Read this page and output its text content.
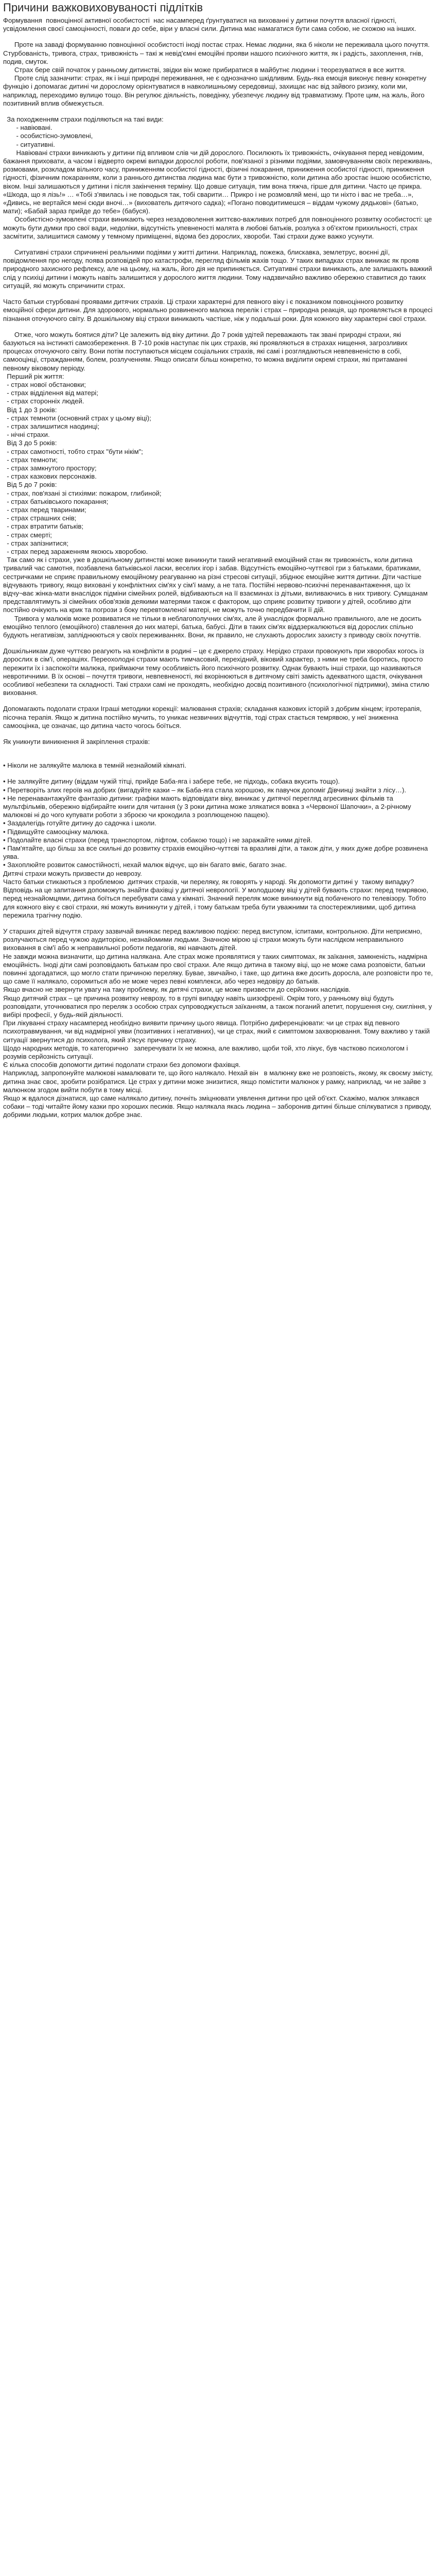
Причини важковиховуваності підлітків

Формування  повноцінної активної особистості  нас насамперед ґрунтуватися на вихованні у дитини почуття власної гідності, усвідомлення своєї самоцінності, поваги до себе, віри у власні сили. Дитина має намагатися бути сама собою, не схожою на інших.

Проте на заваді формуванню повноцінної особистості іноді постає страх. Немає людини, яка б ніколи не переживала цього почуття. Стурбованість, тривога, страх, тривожність – такі ж невід'ємні емоційні прояви нашого психічного життя, як і радість, захоплення, гнів, подив, смуток.

Страх бере свій початок у ранньому дитинстві, звідки він може прибиратися в майбутнє людини і теорезуватися в все життя.

Проте слід зазначити: страх, як і інші природні переживання, не є однозначно шкідливим. Будь-яка емоція виконує певну конкретну функцію і допомагає дитині чи дорослому орієнтуватися в навколишньому середовищі, захищає нас від зайвого ризику, коли ми, наприклад, переходимо вулицю тощо. Він регулює діяльність, поведінку, убезпечує людину від травматизму. Проте цим, на жаль, його позитивний вплив обмежується.

За походженням страхи поділяються на такі види:

- навіювані.

- особистісно-зумовлені,

- ситуативні.

Навіювані страхи виникають у дитини під впливом слів чи дій дорослого. Посилюють їх тривожність, очікування перед невідомим, бажання приховати, а часом і відверто окремі випадки дорослої роботи, пов'язаної з різними подіями, замовчуванням своїх переживань, розмовами, розкладом вільного часу, приниженням особистої гідності, фізичні покарання, приниження особистої гідності, приниження гідності, фізичним покаранням, коли з раннього дитинства людина має бути з тривожністю, коли дитина або зростає іншою особистістю, віком. Інші залишаються у дитини і після закінчення терміну. Що довше ситуація, тим вона тяжча, гірше для дитини. Часто це прикра. «Шкода, що я лізь!» … «Тобі з'явилась і не поводься так, тобі сварити… Прикро і не розмовляй мені, що ти ніхто і вас не треба…», «Дивись, не вертайся мені сюди вночі…» (вихователь дитячого садка); «Погано поводитимешся – віддам чужому дядькові» (батько, мати); «Бабай зараз прийде до тебе» (бабуся).

Особистісно-зумовлені страхи виникають через незадоволення життєво-важливих потреб для повноцінного розвитку особистості: це можуть бути думки про свої вади, недоліки, відсутність упевненості малята в любові батьків, розлука з об'єктом прихильності, страх засмітити, залишитися самому у темному приміщенні, відома без дорослих, хвороби. Такі страхи дуже важко усунути.

Ситуативні страхи спричинені реальними подіями у житті дитини. Наприклад, пожежа, блискавка, землетрус, воєнні дії, повідомлення про негоду, поява розповідей про катастрофи, перегляд фільмів жахів тощо. У таких випадках страх виникає як прояв природного захисного рефлексу, але на цьому, на жаль, його дія не припиняється. Ситуативні страхи виникають, але залишають важкий слід у психіці дитини і можуть навіть залишитися у дорослого життя людини. Тому надзвичайно важливо обережно ставитися до таких ситуацій, які можуть спричинити страх.

Часто батьки стурбовані проявами дитячих страхів. Ці страхи характерні для певного віку і є показником повноцінного розвитку емоційної сфери дитини. Для здорового, нормально розвиненого малюка перелік і страх – природна реакція, що проявляється в процесі пізнання оточуючого світу. В дошкільному віці страхи виникають частіше, ніж у подальші роки. Для кожного віку характерні свої страхи.

Отже, чого можуть боятися діти? Це залежить від віку дитини. До 7 років удітей переважають так звані природні страхи, які базуються на інстинкті самозбереження. В 7-10 років наступає пік цих страхів, які проявляються в страхах нищення, загрозливих процесах оточуючого світу. Вони потім поступаються місцем соціальних страхів, які самі і розглядаються невпевненістю в собі, самооцінці, стражданням, болем, розлученням. Якщо описати більш конкретно, то можна виділити окремі страхи, які притаманні певному віковому періоду.

Перший рік життя:

- страх нової обстановки;

- страх відділення від матері;

- страх сторонніх людей.

Від 1 до 3 років:

- страх темноти (основний страх у цьому віці);

- страх залишитися наодинці;

- нічні страхи.

Від 3 до 5 років:

- страх самотності, тобто страх "бути нікім";

- страх темноти;

- страх замкнутого простору;

- страх казкових персонажів.

Від 5 до 7 років:

- страх, пов'язані зі стихіями: пожаром, глибиной;

- страх батьківського покарання;

- страх перед тваринами;

- страх страшних снів;

- страх втратити батьків;

- страх смерті;

- страх запізнитися;

- страх перед зараженням якоюсь хворобою.

Так само як і страхи, уже в дошкільному дитинстві може виникнути такий негативний емоційний стан як тривожність, коли дитина тривалий час самотня, позбавлена батьківської ласки, веселих ігор і забав. Відсутність емоційно-чуттєвої гри з батьками, братиками, сестричками не сприяє правильному емоційному реагуванню на різні стресові ситуації, збіднює емоційне життя дитини. Діти частіше відчувають тривогу, якщо виховані у конфліктних сім'ях у сім'ї маму, а не тата. Постійні нервово-психічні перенавантаження, що їх відчу¬ває жінка-мати внаслідок підміни сімейних ролей, відбиваються на її взаєминах із дітьми, виливаючись в них тривогу. Сумщанам представлятимуть зі сімейних обов'язків деякими матерями також є фактором, що сприяє розвитку тривоги у дітей, особливо діти постійно очікують на крик та погрози з боку перевтомленої матері, не можуть точно передбачити її дій.

Тривога у малюків може розвиватися не тільки в неблагополучних сім'ях, але й унаслідок формально правильного, але не досить емоційно теплого (емоційного) ставлення до них матері, батька, бабусі. Діти в таких сім'ях віддзеркалюються від дорослих спільно будують негативізм, запліднюються у своїх переживаннях. Вони, як правило, не слухають дорослих захисту з приводу своїх почуттів.

Дошкільникам дуже чуттєво реагують на конфлікти в родині – це є джерело страху. Нерідко страхи провокують при хворобах когось із дорослих в сім'ї, операціях. Переохолодні страхи мають тимчасовий, перехідний, віковий характер, з ними не треба боротись, просто пережити їх і заспокоїти малюка, приймаючи тему особливість його психічного розвитку. Однак бувають інші страхи, що називаються невротичними. В їх основі – почуття тривоги, невпевненості, які вкорінюються в дитячому світі замість адекватного щастя, очікування особливої небезпеки та складності. Такі страхи самі не проходять, необхідно досвід позитивного (психологічної підтримки), зміна стилю виховання.

Допомагають подолати страхи Іграші методики корекції: малювання страхів; складання казкових історій з добрим кінцем; ігротерапія, пісочна терапія. Якщо ж дитина постійно мучить, то уникає незвичних відчуттів, тоді страх стається темрявою, у неї зниженна самооцінка, це означає, що дитина часто чогось боїться.

Як уникнути виникнення й закріплення страхів:

• Ніколи не залякуйте малюка в темній незнайомій кімнаті.

• Не залякуйте дитину (віддам чужій тітці, прийде Баба-яга і заберe тебе, не підходь, собака вкусить тощо).

• Перетворіть злих героїв на добрих (вигадуйте казки – як Баба-яга стала хорошою, як павучок допоміг Дівчинці знайти з лісу…).

• Не перенавантажуйте фантазію дитини: графіки мають відповідати віку, виникає у дитячої перегляд агресивних фільмів та мультфільмів, обережно відбирайте книги для читання (у 3 роки дитина може злякатися вовка з «Червоної Шапочки», а 2-річному малюкові ні до чого купувати роботи з зброєю чи крокодила з розплющеною пащею).

• Заздалегідь готуйте дитину до садочка і школи.

• Підвищуйте самооцінку малюка.

• Подолайте власні страхи (перед транспортом, ліфтом, собакою тощо) і не заражайте ними дітей.

• Пам'ятайте, що більш за все скильні до розвитку страхів емоційно-чуттєві та вразливі діти, а також діти, у яких дуже добре розвинена уява.

• Захоплюйте розвиток самостійності, нехай малюк відчує, що він багато вміє, багато знає.

Дитячі страхи можуть призвести до неврозу.

Часто батьки стикаються з проблемою  дитячих страхів, чи переляку, як говорять у народі. Як допомогти дитині у  такому випадку? Відповідь на це запитання допоможуть знайти фахівці у дитячої неврології. У молодшому віці у дітей бувають страхи: перед темрявою, перед незнайомцями, дитина боїться перебувати сама у кімнаті. Значний переляк може виникнути від побаченого по телевізору. Тобто для кожного віку є свої страхи, які можуть виникнути у дітей, і тому батькам треба бути уважними та спостережливими, щоб дитина пережила трагічну подію.

У старших дітей відчуття страху зазвичай виникає перед важливою подією: перед виступом, іспитами, контрольною. Діти неприємно, розлучаються перед чужою аудиторією, незнайомими людьми. Значною мірою ці страхи можуть бути наслідком неправильного виховання в сім'ї або ж неправильної роботи педагогів, які навчають дітей.

Не завжди можна визначити, що дитина налякана. Але страх може проявлятися у таких симптомах, як заїкання, замкненість, надмірна емоційність. Іноді діти самі розповідають батькам про свої страхи. Але якщо дитина в такому віці, що не може сама розповісти, батьки повинні здогадатися, що могло стати причиною переляку. Бувае, звичайно, і таке, що дитина вже досить доросла, але розповісти про те, що саме її налякало, соромиться або не може через певні комплекси, або через недовіру до батьків.

Якщо вчасно не звернути увагу на таку проблему, як дитячі страхи, це може призвести до серйозних наслідків.

Якщо дитячий страх – це причина розвитку неврозу, то в групі випадку навіть шизофренії. Окрім того, у ранньому віці будуть розповідати, уточнюватися про переляк з особою страх супроводжується заїканням, а також поганий апетит, порушення сну, скигління, у вибірі професії, у будь-якій діяльності.

При лікуванні страху насамперед необхідно виявити причину цього явища. Потрібно диференціювати: чи це страх від певного психотравмування, чи від надмірної уяви (позитивних і негативних), чи це страх, який є симптомом захворювання. Тому важливо у такій ситуації звернутися до психолога, який з'ясує причину страху.

Щодо народних методів, то категорично   заперечувати їх не можна, але важливо, щоби той, хто лікує, був частково психологом і розумів серйозність ситуації.

Є кілька способів допомогти дитині подолати страхи без допомоги фахівця.

Наприклад, запропонуйте малюкові намалювати те, що його налякало. Нехай він   в малюнку вже не розповість, якому, як своєму змісту, дитина знає своє, зробити розібратися. Це страх у дитини може знизитися, якщо помістити малюнок у рамку, наприклад, чи не зайве з малюнком згодом вийти побути в тому місці.

Якщо ж вдалося дізнатися, що саме налякало дитину, почніть зміцнювати уявлення дитини про цей об'єкт. Скажімо, малюк злякався собаки – тоді читайте йому казки про хороших песиків. Якщо налякала якась людина – заборонив дитині більше спілкуватися з приводу, добрими людьми, котрих малюк добре знає.
